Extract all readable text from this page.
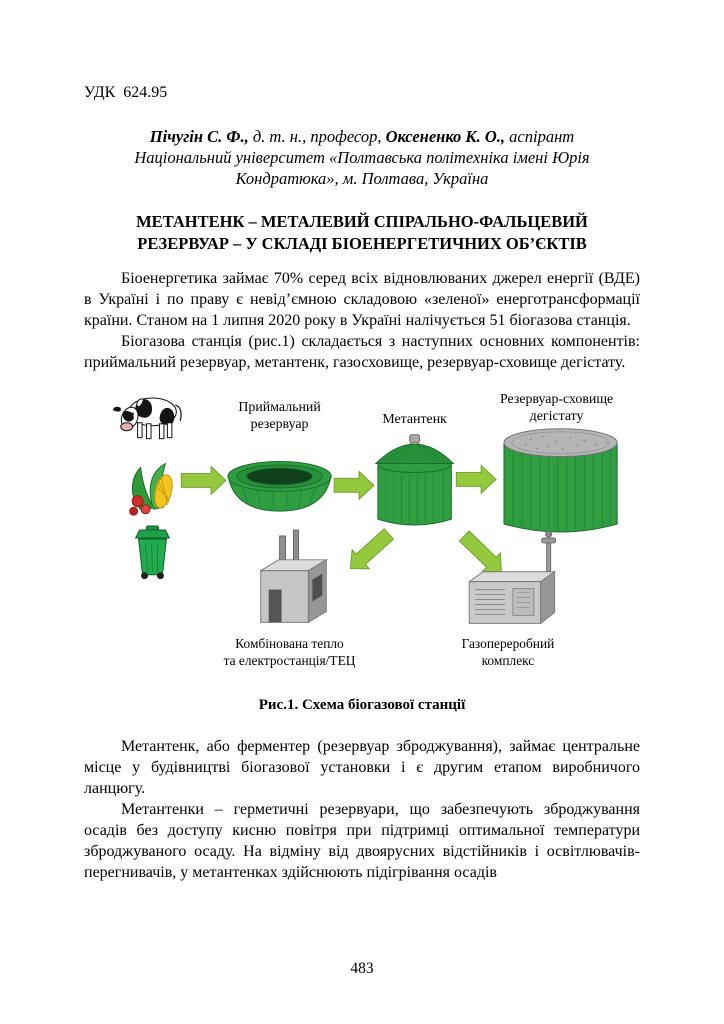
УДК  624.95
Пічугін С. Ф., д. т. н., професор, Оксененко К. О., аспірант
Національний університет «Полтавська політехніка імені Юрія Кондратюка», м. Полтава, Україна
МЕТАНТЕНК – МЕТАЛЕВИЙ СПІРАЛЬНО-ФАЛЬЦЕВИЙ РЕЗЕРВУАР – У СКЛАДІ БІОЕНЕРГЕТИЧНИХ ОБ’ЄКТІВ

Біоенергетика займає 70% серед всіх відновлюваних джерел енергії (ВДЕ) в Україні і по праву є невід’ємною складовою «зеленої» енерготрансформації країни. Станом на 1 липня 2020 року в Україні налічується 51 біогазова станція.

Біогазова станція (рис.1) складається з наступних основних компонентів: приймальний резервуар, метантенк, газосховище, резервуар-сховище дегістату.

Приймальний
резервуар	Метантенк
Резервуар-сховище
дегістату
Комбінована тепло
та електростанція/ТЕЦ
Газопереробний
комплекс
Рис.1. Схема біогазової станції

Метантенк, або ферментер (резервуар зброджування), займає центральне місце у будівництві біогазової установки і є другим етапом виробничого ланцюгу.

Метантенки – герметичні резервуари, що забезпечують зброджування осадів без доступу кисню повітря при підтримці оптимальної температури зброджуваного осаду. На відміну від двоярусних відстійників і освітлювачів-перегнивачів, у метантенках здійснюють підігрівання осадів

483
